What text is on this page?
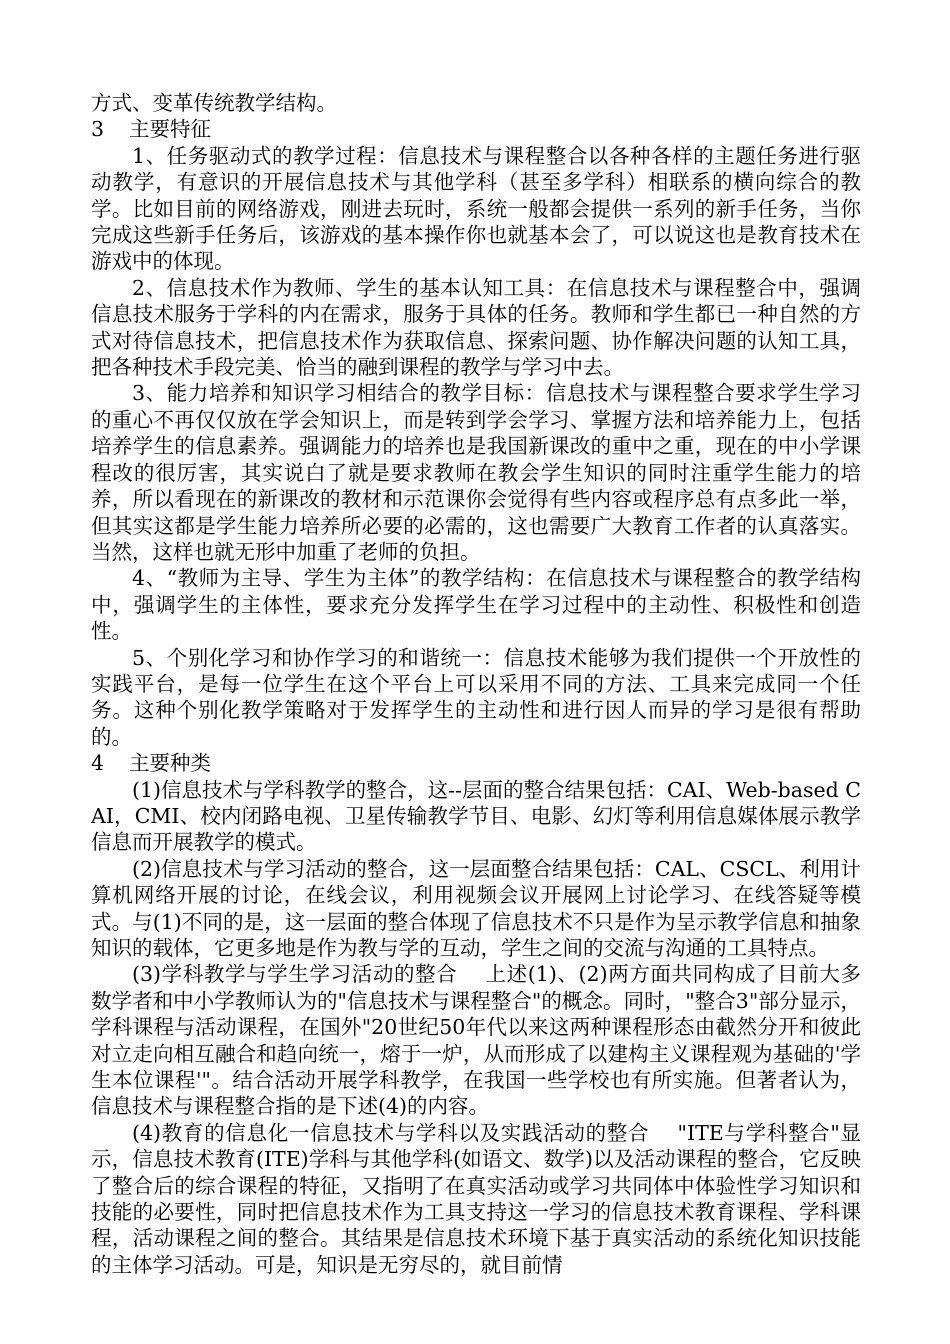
方式、变革传统教学结构。

3 主要特征

1、任务驱动式的教学过程：信息技术与课程整合以各种各样的主题任务进行驱动教学，有意识的开展信息技术与其他学科（甚至多学科）相联系的横向综合的教学。比如目前的网络游戏，刚进去玩时，系统一般都会提供一系列的新手任务，当你完成这些新手任务后，该游戏的基本操作你也就基本会了，可以说这也是教育技术在游戏中的体现。

2、信息技术作为教师、学生的基本认知工具：在信息技术与课程整合中，强调信息技术服务于学科的内在需求，服务于具体的任务。教师和学生都已一种自然的方式对待信息技术，把信息技术作为获取信息、探索问题、协作解决问题的认知工具，把各种技术手段完美、恰当的融到课程的教学与学习中去。

3、能力培养和知识学习相结合的教学目标：信息技术与课程整合要求学生学习的重心不再仅仅放在学会知识上，而是转到学会学习、掌握方法和培养能力上，包括培养学生的信息素养。强调能力的培养也是我国新课改的重中之重，现在的中小学课程改的很厉害，其实说白了就是要求教师在教会学生知识的同时注重学生能力的培养，所以看现在的新课改的教材和示范课你会觉得有些内容或程序总有点多此一举，但其实这都是学生能力培养所必要的必需的，这也需要广大教育工作者的认真落实。当然，这样也就无形中加重了老师的负担。

4、“教师为主导、学生为主体”的教学结构：在信息技术与课程整合的教学结构中，强调学生的主体性，要求充分发挥学生在学习过程中的主动性、积极性和创造性。

5、个别化学习和协作学习的和谐统一：信息技术能够为我们提供一个开放性的实践平台，是每一位学生在这个平台上可以采用不同的方法、工具来完成同一个任务。这种个别化教学策略对于发挥学生的主动性和进行因人而异的学习是很有帮助的。

4 主要种类

(1)信息技术与学科教学的整合，这--层面的整合结果包括：CAI、Web-based CAI，CMI、校内闭路电视、卫星传输教学节目、电影、幻灯等利用信息媒体展示教学信息而开展教学的模式。

(2)信息技术与学习活动的整合，这一层面整合结果包括：CAL、CSCL、利用计算机网络开展的讨论，在线会议，利用视频会议开展网上讨论学习、在线答疑等模式。与(1)不同的是，这一层面的整合体现了信息技术不只是作为呈示教学信息和抽象知识的载体，它更多地是作为教与学的互动，学生之间的交流与沟通的工具特点。

(3)学科教学与学生学习活动的整合　 上述(1)、(2)两方面共同构成了目前大多数学者和中小学教师认为的"信息技术与课程整合"的概念。同时，"整合3"部分显示，学科课程与活动课程，在国外"20世纪50年代以来这两种课程形态由截然分开和彼此对立走向相互融合和趋向统一，熔于一炉，从而形成了以建构主义课程观为基础的'学生本位课程'"。结合活动开展学科教学，在我国一些学校也有所实施。但著者认为，信息技术与课程整合指的是下述(4)的内容。

(4)教育的信息化一信息技术与学科以及实践活动的整合　 "ITE与学科整合"显示，信息技术教育(ITE)学科与其他学科(如语文、数学)以及活动课程的整合，它反映了整合后的综合课程的特征，又指明了在真实活动或学习共同体中体验性学习知识和技能的必要性，同时把信息技术作为工具支持这一学习的信息技术教育课程、学科课程，活动课程之间的整合。其结果是信息技术环境下基于真实活动的系统化知识技能的主体学习活动。可是，知识是无穷尽的，就目前情
